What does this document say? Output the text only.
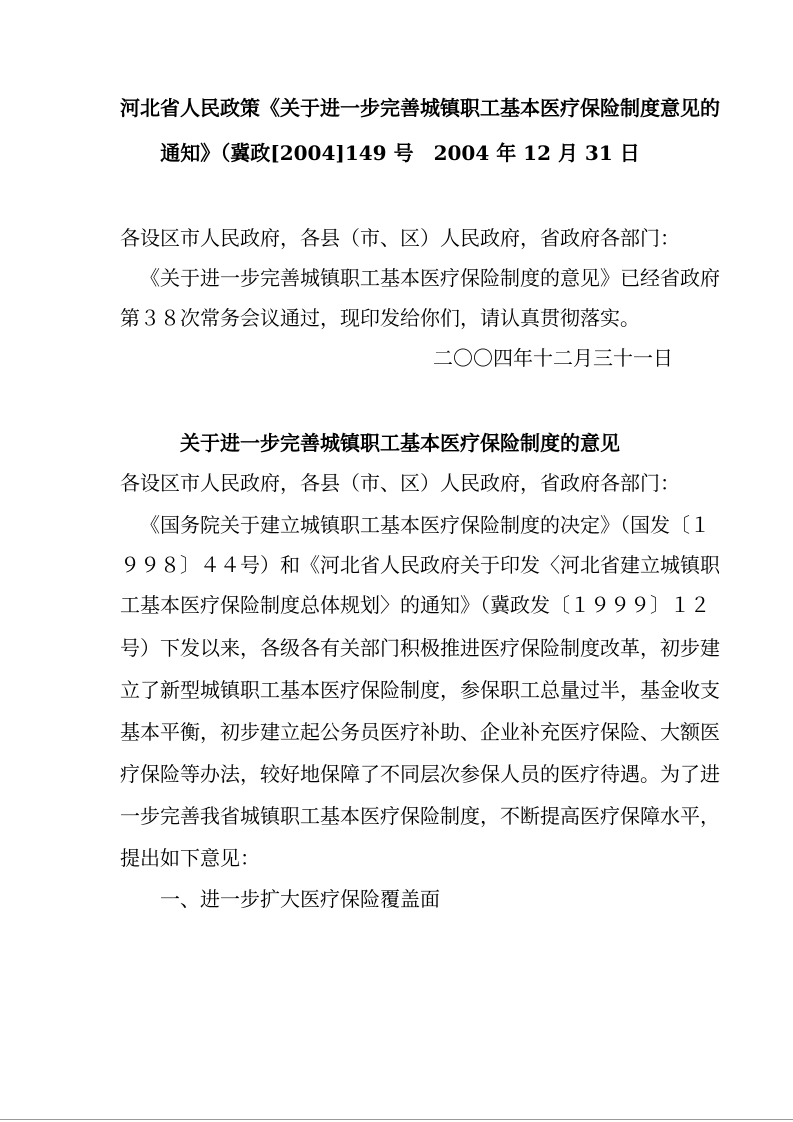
河北省人民政策《关于进一步完善城镇职工基本医疗保险制度意见的
通知》（冀政[2004]149 号　2004 年 12 月 31 日
各设区市人民政府，各县（市、区）人民政府，省政府各部门：
《关于进一步完善城镇职工基本医疗保险制度的意见》已经省政府
第３８次常务会议通过，现印发给你们，请认真贯彻落实。
二〇〇四年十二月三十一日
关于进一步完善城镇职工基本医疗保险制度的意见
各设区市人民政府，各县（市、区）人民政府，省政府各部门：
《国务院关于建立城镇职工基本医疗保险制度的决定》（国发〔１
９９８〕４４号）和《河北省人民政府关于印发〈河北省建立城镇职
工基本医疗保险制度总体规划〉的通知》（冀政发〔１９９９〕１２
号）下发以来，各级各有关部门积极推进医疗保险制度改革，初步建
立了新型城镇职工基本医疗保险制度，参保职工总量过半，基金收支
基本平衡，初步建立起公务员医疗补助、企业补充医疗保险、大额医
疗保险等办法，较好地保障了不同层次参保人员的医疗待遇。为了进
一步完善我省城镇职工基本医疗保险制度，不断提高医疗保障水平，
提出如下意见：
一、进一步扩大医疗保险覆盖面
